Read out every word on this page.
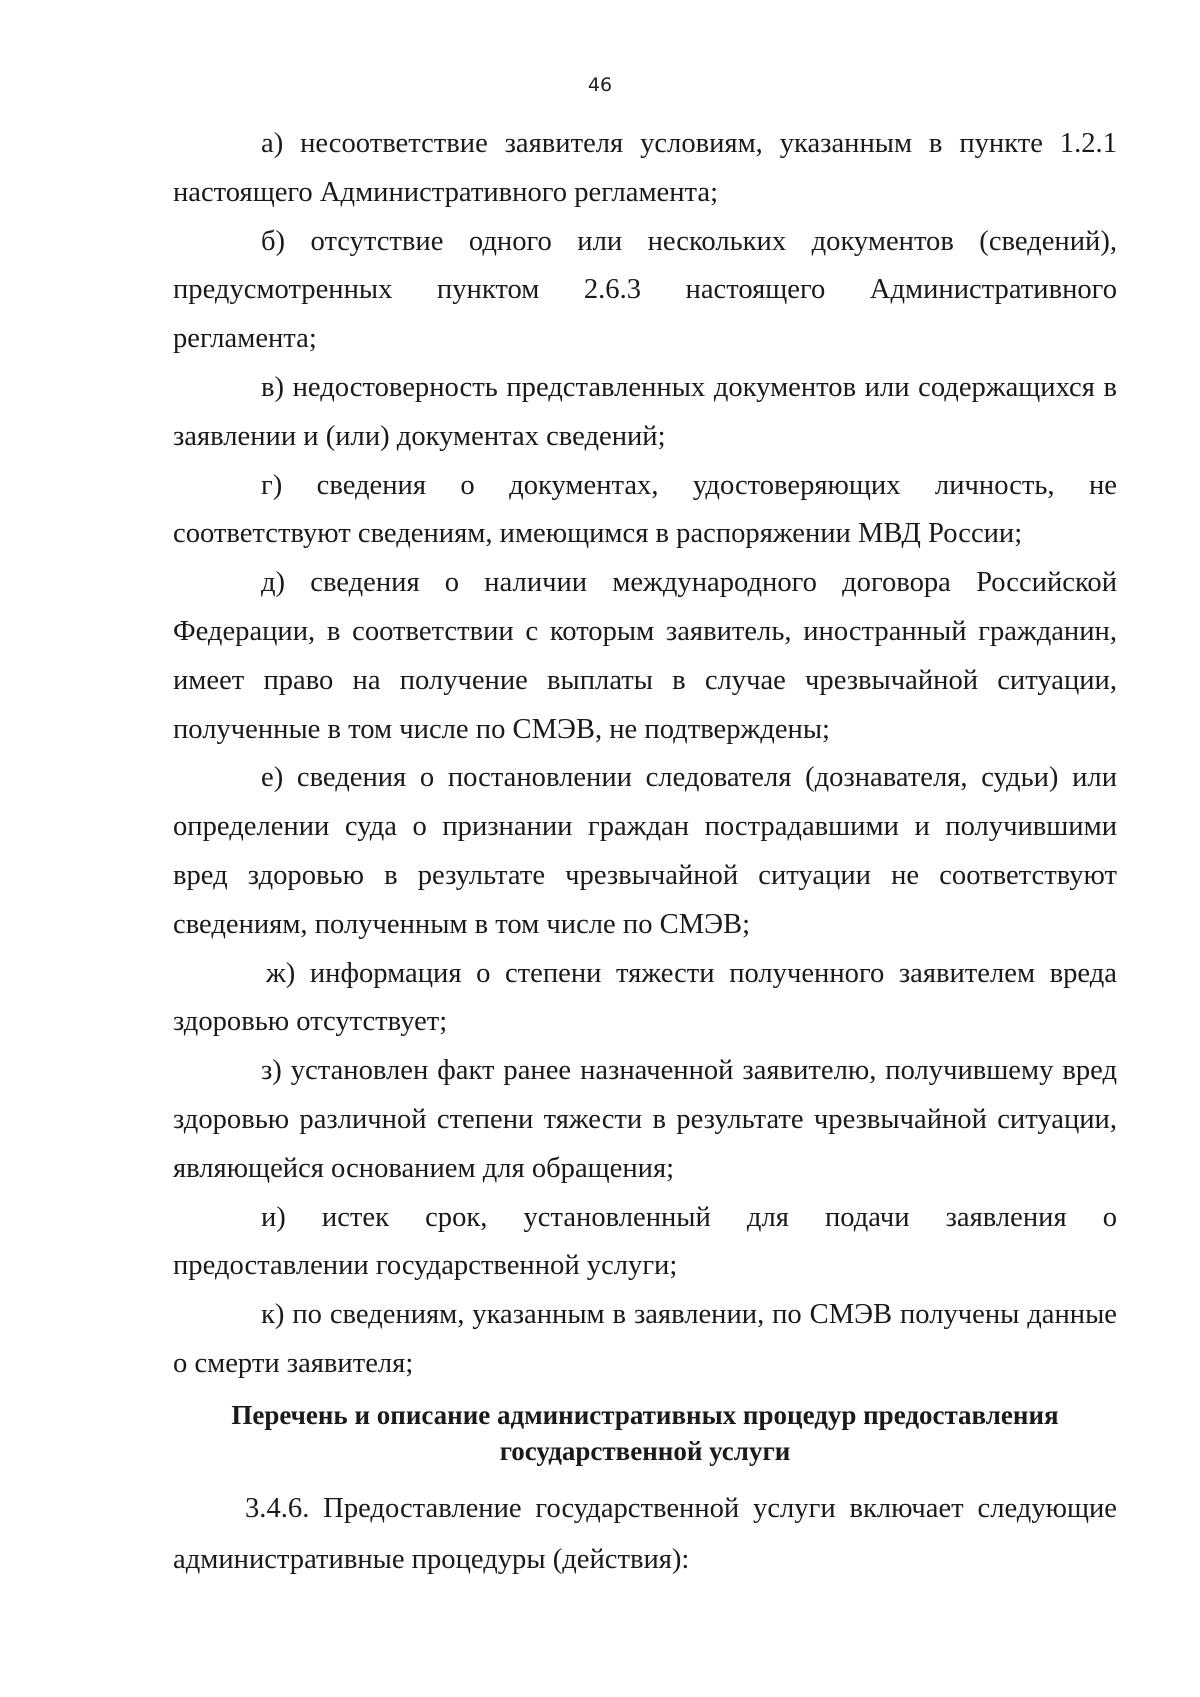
46

а) несоответствие заявителя условиям, указанным в пункте 1.2.1 настоящего Административного регламента;

б) отсутствие одного или нескольких документов (сведений), предусмотренных пунктом 2.6.3 настоящего Административного регламента;

в) недостоверность представленных документов или содержащихся в заявлении и (или) документах сведений;

г) сведения о документах, удостоверяющих личность, не соответствуют сведениям, имеющимся в распоряжении МВД России;

д) сведения о наличии международного договора Российской Федерации, в соответствии с которым заявитель, иностранный гражданин, имеет право на получение выплаты в случае чрезвычайной ситуации, полученные в том числе по СМЭВ, не подтверждены;

е) сведения о постановлении следователя (дознавателя, судьи) или определении суда о признании граждан пострадавшими и получившими вред здоровью в результате чрезвычайной ситуации не соответствуют сведениям, полученным в том числе по СМЭВ;

ж) информация о степени тяжести полученного заявителем вреда здоровью отсутствует;

з) установлен факт ранее назначенной заявителю, получившему вред здоровью различной степени тяжести в результате чрезвычайной ситуации, являющейся основанием для обращения;

и) истек срок, установленный для подачи заявления о предоставлении государственной услуги;

к) по сведениям, указанным в заявлении, по СМЭВ получены данные о смерти заявителя;

Перечень и описание административных процедур предоставления
государственной услуги

3.4.6. Предоставление государственной услуги включает следующие административные процедуры (действия):
